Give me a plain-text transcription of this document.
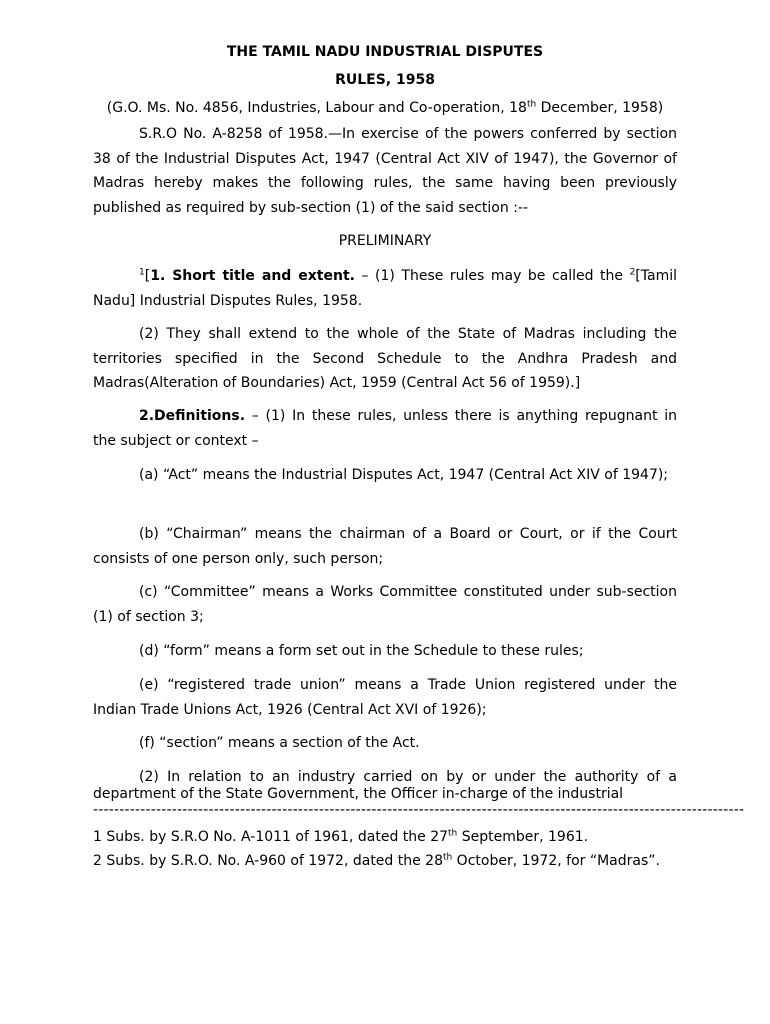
THE TAMIL NADU INDUSTRIAL DISPUTES

RULES, 1958

(G.O. Ms. No. 4856, Industries, Labour and Co-operation, 18th December, 1958)

S.R.O No. A-8258 of 1958.—In exercise of the powers conferred by section 38 of the Industrial Disputes Act, 1947 (Central Act XIV of 1947), the Governor of Madras hereby makes the following rules, the same having been previously published as required by sub-section (1) of the said section :--

PRELIMINARY

$^1$[1. Short title and extent. – (1) These rules may be called the $^2$[Tamil Nadu] Industrial Disputes Rules, 1958.

(2) They shall extend to the whole of the State of Madras including the territories specified in the Second Schedule to the Andhra Pradesh and Madras(Alteration of Boundaries) Act, 1959 (Central Act 56 of 1959).]

2.Definitions. – (1) In these rules, unless there is anything repugnant in the subject or context –

(a) “Act” means the Industrial Disputes Act, 1947 (Central Act XIV of 1947);

(b) “Chairman” means the chairman of a Board or Court, or if the Court consists of one person only, such person;

(c) “Committee” means a Works Committee constituted under sub-section (1) of section 3;

(d) “form” means a form set out in the Schedule to these rules;

(e) “registered trade union” means a Trade Union registered under the Indian Trade Unions Act, 1926 (Central Act XVI of 1926);

(f) “section” means a section of the Act.

(2) In relation to an industry carried on by or under the authority of a department of the State Government, the Officer in-charge of the industrial

----------------------------------------------------------------------------------------------------------------------------

1 Subs. by S.R.O No. A-1011 of 1961, dated the 27th September, 1961.

2 Subs. by S.R.O. No. A-960 of 1972, dated the 28th October, 1972, for “Madras”.
